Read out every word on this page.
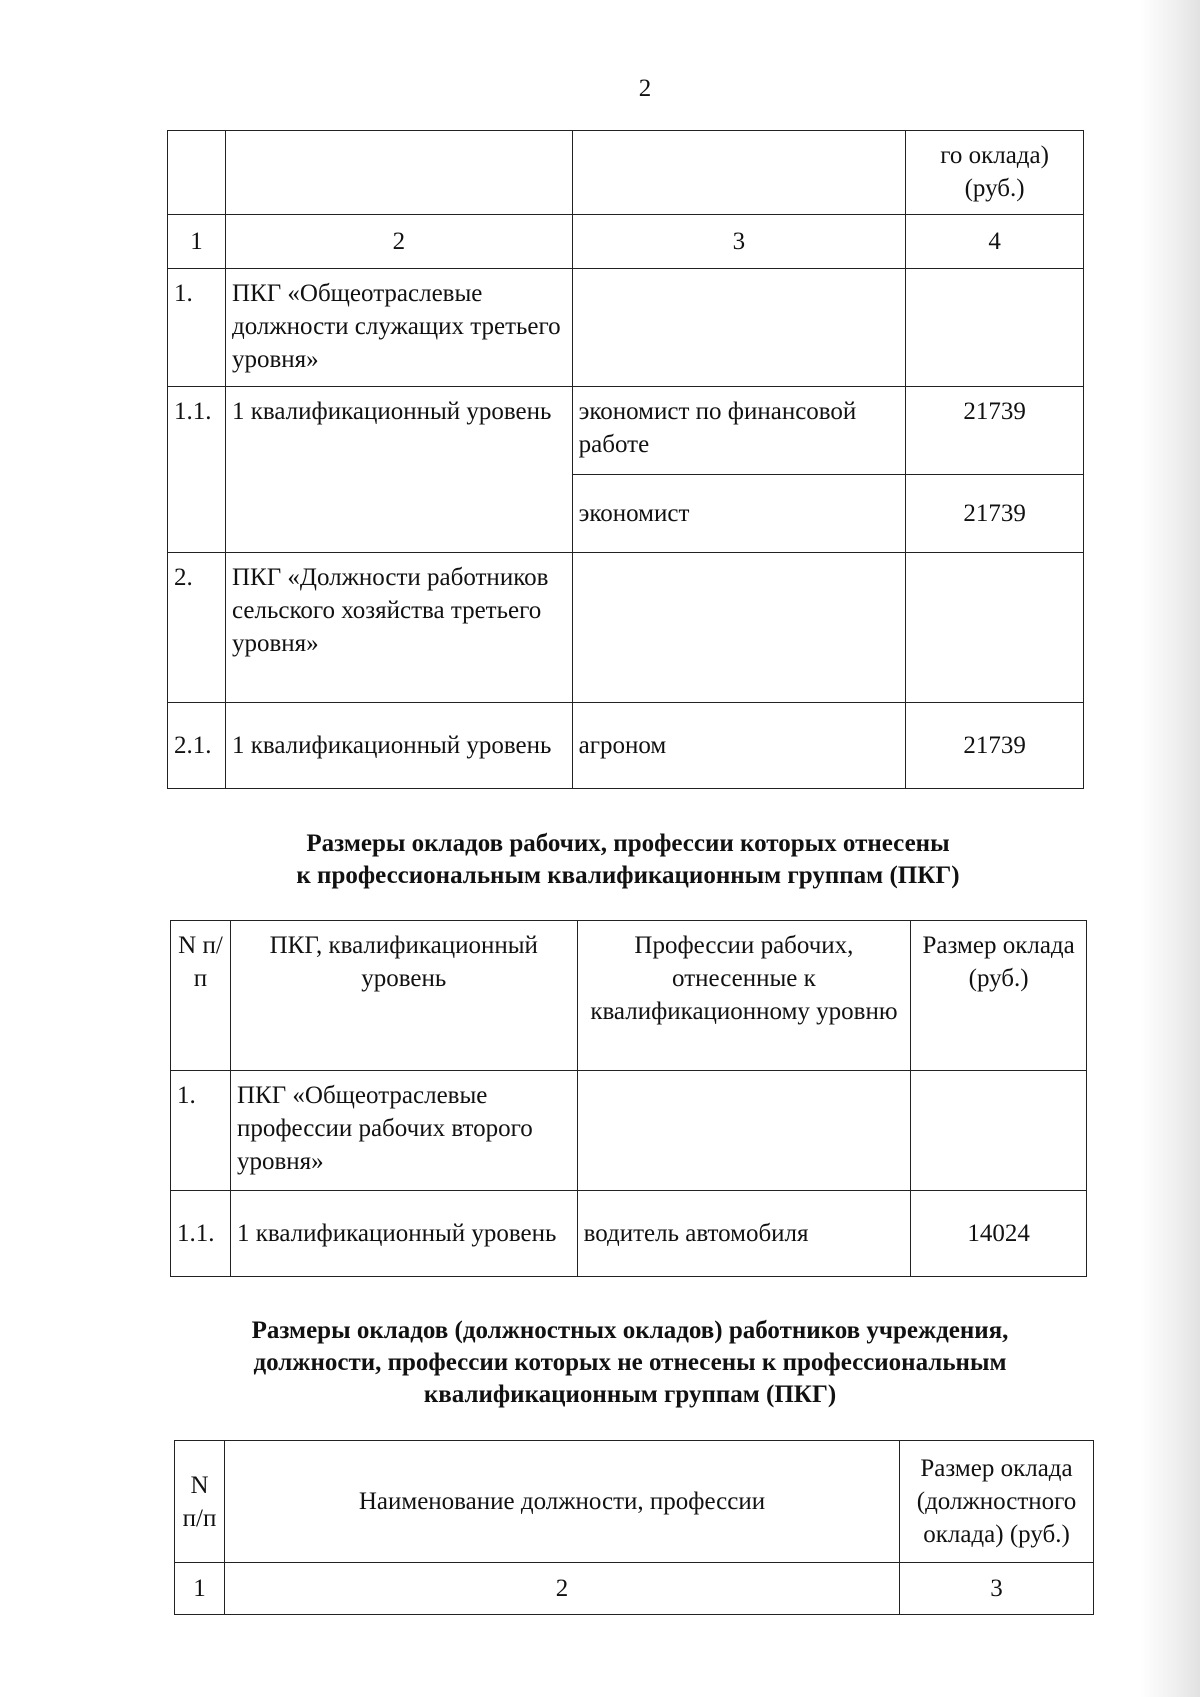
2
			го оклада) (руб.)
1	2	3	4
1.	ПКГ «Общеотраслевые должности служащих третьего уровня»		
1.1.	1 квалификационный уровень	экономист по финансовой работе	21739
		экономист	21739
2.	ПКГ «Должности работников сельского хозяйства третьего уровня»		
2.1.	1 квалификационный уровень	агроном	21739
Размеры окладов рабочих, профессии которых отнесены
к профессиональным квалификационным группам (ПКГ)
N п/п	ПКГ, квалификационный уровень	Профессии рабочих, отнесенные к квалификационному уровню	Размер оклада (руб.)
1.	ПКГ «Общеотраслевые профессии рабочих второго уровня»		
1.1.	1 квалификационный уровень	водитель автомобиля	14024
Размеры окладов (должностных окладов) работников учреждения,
должности, профессии которых не отнесены к профессиональным
квалификационным группам (ПКГ)
N п/п	Наименование должности, профессии	Размер оклада (должностного оклада) (руб.)
1	2	3
